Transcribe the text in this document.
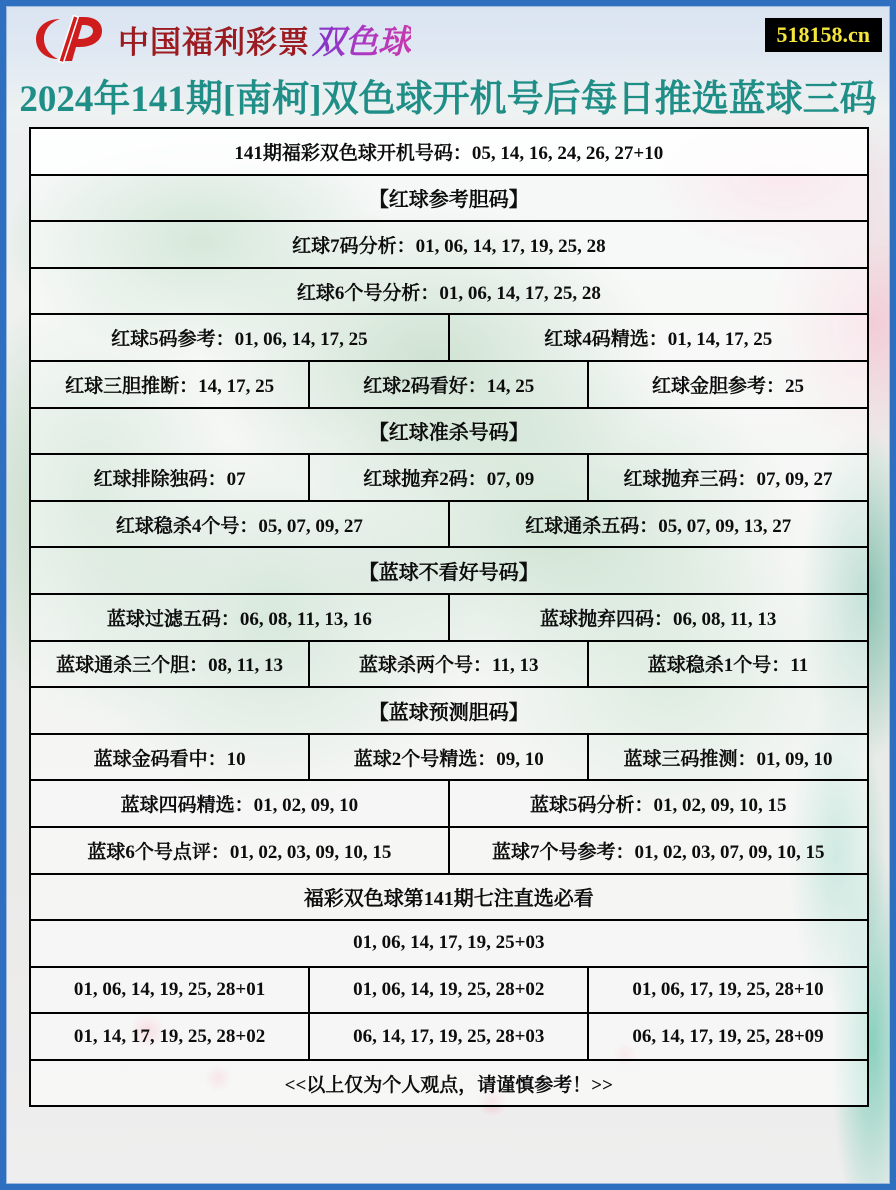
中国福利彩票 双色球	518158.cn
2024年141期[南柯]双色球开机号后每日推选蓝球三码
141期福彩双色球开机号码：05, 14, 16, 24, 26, 27+10			
【红球参考胆码】			
红球7码分析：01, 06, 14, 17, 19, 25, 28			
红球6个号分析：01, 06, 14, 17, 25, 28			
红球5码参考：01, 06, 14, 17, 25		红球4码精选：01, 14, 17, 25	
红球三胆推断：14, 17, 25	红球2码看好：14, 25		红球金胆参考：25
【红球准杀号码】			
红球排除独码：07	红球抛弃2码：07, 09		红球抛弃三码：07, 09, 27
红球稳杀4个号：05, 07, 09, 27		红球通杀五码：05, 07, 09, 13, 27	
【蓝球不看好号码】			
蓝球过滤五码：06, 08, 11, 13, 16		蓝球抛弃四码：06, 08, 11, 13	
蓝球通杀三个胆：08, 11, 13	蓝球杀两个号：11, 13		蓝球稳杀1个号：11
【蓝球预测胆码】			
蓝球金码看中：10	蓝球2个号精选：09, 10		蓝球三码推测：01, 09, 10
蓝球四码精选：01, 02, 09, 10		蓝球5码分析：01, 02, 09, 10, 15	
蓝球6个号点评：01, 02, 03, 09, 10, 15		蓝球7个号参考：01, 02, 03, 07, 09, 10, 15	
福彩双色球第141期七注直选必看			
01, 06, 14, 17, 19, 25+03			
01, 06, 14, 19, 25, 28+01	01, 06, 14, 19, 25, 28+02		01, 06, 17, 19, 25, 28+10
01, 14, 17, 19, 25, 28+02	06, 14, 17, 19, 25, 28+03		06, 14, 17, 19, 25, 28+09
<<以上仅为个人观点，请谨慎参考！>>			
